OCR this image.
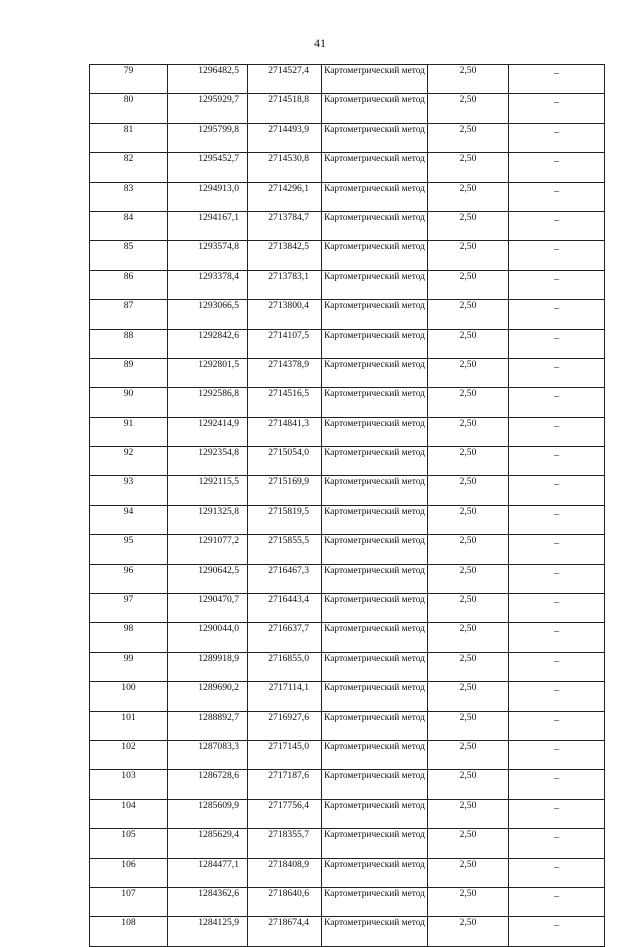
41
79	1296482,5	2714527,4	Картометрический метод	2,50	–
80	1295929,7	2714518,8	Картометрический метод	2,50	–
81	1295799,8	2714493,9	Картометрический метод	2,50	–
82	1295452,7	2714530,8	Картометрический метод	2,50	–
83	1294913,0	2714296,1	Картометрический метод	2,50	–
84	1294167,1	2713784,7	Картометрический метод	2,50	–
85	1293574,8	2713842,5	Картометрический метод	2,50	–
86	1293378,4	2713783,1	Картометрический метод	2,50	–
87	1293066,5	2713800,4	Картометрический метод	2,50	–
88	1292842,6	2714107,5	Картометрический метод	2,50	–
89	1292801,5	2714378,9	Картометрический метод	2,50	–
90	1292586,8	2714516,5	Картометрический метод	2,50	–
91	1292414,9	2714841,3	Картометрический метод	2,50	–
92	1292354,8	2715054,0	Картометрический метод	2,50	–
93	1292115,5	2715169,9	Картометрический метод	2,50	–
94	1291325,8	2715819,5	Картометрический метод	2,50	–
95	1291077,2	2715855,5	Картометрический метод	2,50	–
96	1290642,5	2716467,3	Картометрический метод	2,50	–
97	1290470,7	2716443,4	Картометрический метод	2,50	–
98	1290044,0	2716637,7	Картометрический метод	2,50	–
99	1289918,9	2716855,0	Картометрический метод	2,50	–
100	1289690,2	2717114,1	Картометрический метод	2,50	–
101	1288892,7	2716927,6	Картометрический метод	2,50	–
102	1287083,3	2717145,0	Картометрический метод	2,50	–
103	1286728,6	2717187,6	Картометрический метод	2,50	–
104	1285609,9	2717756,4	Картометрический метод	2,50	–
105	1285629,4	2718355,7	Картометрический метод	2,50	–
106	1284477,1	2718408,9	Картометрический метод	2,50	–
107	1284362,6	2718640,6	Картометрический метод	2,50	–
108	1284125,9	2718674,4	Картометрический метод	2,50	–
